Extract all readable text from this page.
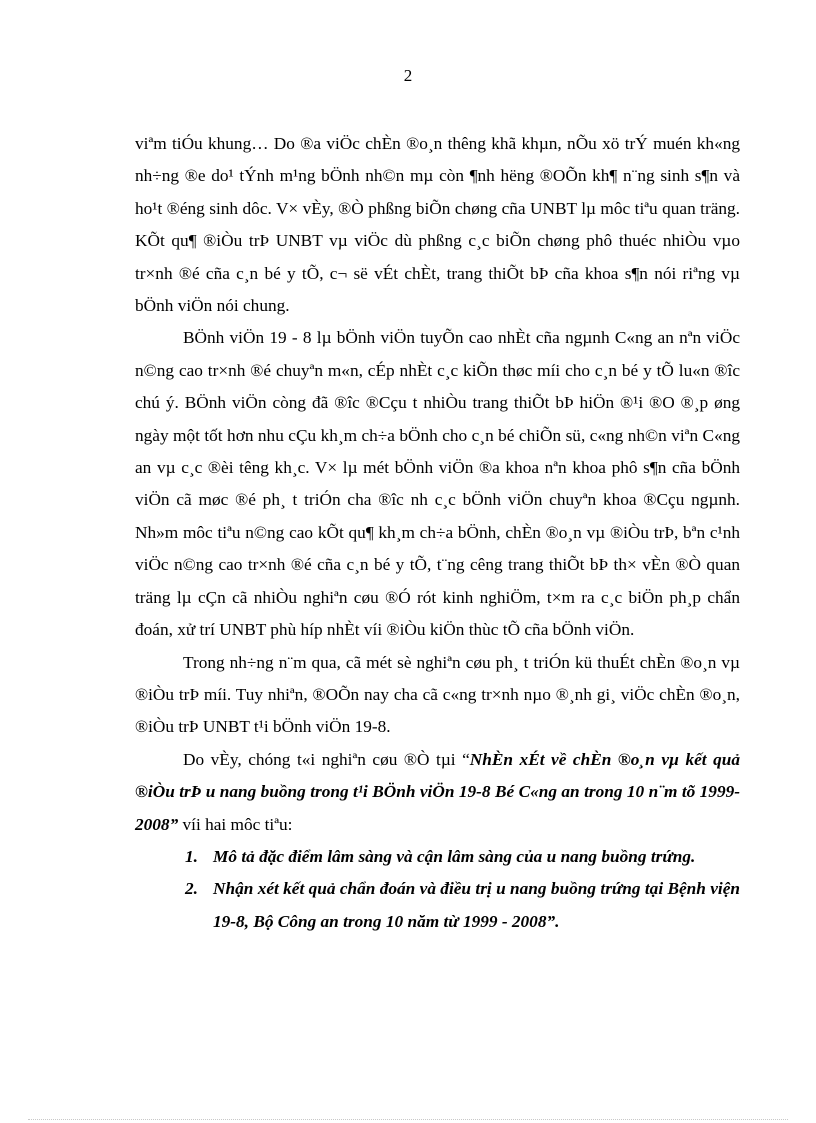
2

viªm tiÓu khung… Do ®a viÖc chÈn ®o¸n thêng khã khµn, nÕu xö trÝ muén kh«ng nh÷ng ®e do¹ tÝnh m¹ng bÖnh nh©n mµ còn ¶nh hëng ®OÕn kh¶ n¨ng sinh s¶n và ho¹t ®éng sinh dôc. V× vÈy, ®Ò phßng biÕn chøng cña UNBT lµ môc tiªu quan träng. KÕt qu¶ ®iÒu trÞ UNBT vµ viÖc dù phßng c¸c biÕn chøng phô thuéc nhiÒu vµo tr×nh ®é cña c¸n bé y tÕ, c¬ së vÉt chÈt, trang thiÕt bÞ cña khoa s¶n nói riªng vµ bÖnh viÖn nói chung.

BÖnh viÖn 19 - 8 lµ bÖnh viÖn tuyÕn cao nhÈt cña ngµnh C«ng an nªn viÖc n©ng cao tr×nh ®é chuyªn m«n, cÉp nhÈt c¸c kiÕn thøc míi cho c¸n bé y tÕ lu«n ®îc chú ý. BÖnh viÖn còng đã ®îc ®Cçu t nhiÒu trang thiÕt bÞ hiÖn ®¹i ®O ®¸p øng ngày một tốt hơn nhu cÇu kh¸m ch÷a bÖnh cho c¸n bé chiÕn sü, c«ng nh©n viªn C«ng an vµ c¸c ®èi têng kh¸c. V× lµ mét bÖnh viÖn ®a khoa nªn khoa phô s¶n cña bÖnh viÖn cã møc ®é ph¸ t triÓn cha ®îc nh c¸c bÖnh viÖn chuyªn khoa ®Cçu ngµnh. Nh»m môc tiªu n©ng cao kÕt qu¶ kh¸m ch÷a bÖnh, chÈn ®o¸n vµ ®iÒu trÞ, bªn c¹nh viÖc n©ng cao tr×nh ®é cña c¸n bé y tÕ, t¨ng cêng trang thiÕt bÞ th× vÈn ®Ò quan träng lµ cÇn cã nhiÒu nghiªn cøu ®Ó rót kinh nghiÖm, t×m ra c¸c biÖn ph¸p chẩn đoán, xử trí UNBT phù híp nhÈt víi ®iÒu kiÖn thùc tÕ cña bÖnh viÖn.

Trong nh÷ng n¨m qua, cã mét sè nghiªn cøu ph¸ t triÓn kü thuÉt chÈn ®o¸n vµ ®iÒu trÞ míi. Tuy nhiªn, ®OÕn nay cha cã c«ng tr×nh nµo ®¸nh gi¸ viÖc chÈn ®o¸n, ®iÒu trÞ UNBT t¹i bÖnh viÖn 19-8.

Do vÈy, chóng t«i nghiªn cøu ®Ò tµi “NhÈn xÉt về chÈn ®o¸n vµ kết quả ®iÒu trÞ u nang buồng trong t¹i BÖnh viÖn 19-8 Bé C«ng an trong 10 n¨m tõ 1999-2008” víi hai môc tiªu:

1. Mô tả đặc điểm lâm sàng và cận lâm sàng của u nang buồng trứng.
2. Nhận xét kết quả chẩn đoán và điều trị u nang buồng trứng tại Bệnh viện 19-8, Bộ Công an trong 10 năm từ 1999 - 2008”.
